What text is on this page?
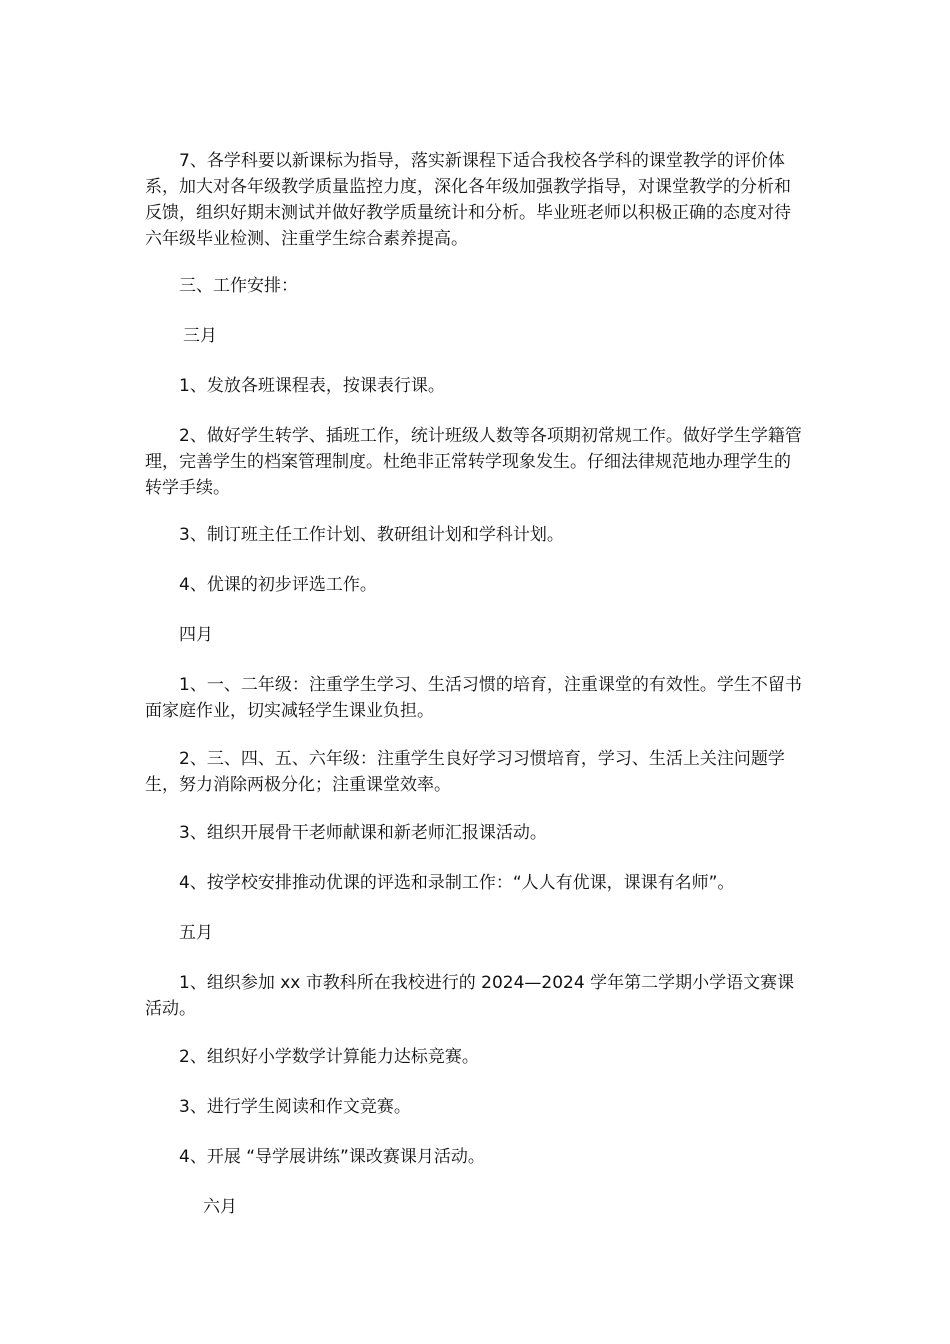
7、各学科要以新课标为指导，落实新课程下适合我校各学科的课堂教学的评价体系，加大对各年级教学质量监控力度，深化各年级加强教学指导，对课堂教学的分析和反馈，组织好期末测试并做好教学质量统计和分析。毕业班老师以积极正确的态度对待六年级毕业检测、注重学生综合素养提高。
三、工作安排：
三月
1、发放各班课程表，按课表行课。
2、做好学生转学、插班工作，统计班级人数等各项期初常规工作。做好学生学籍管理，完善学生的档案管理制度。杜绝非正常转学现象发生。仔细法律规范地办理学生的转学手续。
3、制订班主任工作计划、教研组计划和学科计划。
4、优课的初步评选工作。
四月
1、一、二年级：注重学生学习、生活习惯的培育，注重课堂的有效性。学生不留书面家庭作业，切实减轻学生课业负担。
2、三、四、五、六年级：注重学生良好学习习惯培育，学习、生活上关注问题学生，努力消除两极分化；注重课堂效率。
3、组织开展骨干老师献课和新老师汇报课活动。
4、按学校安排推动优课的评选和录制工作：“人人有优课，课课有名师”。
五月
1、组织参加 xx 市教科所在我校进行的 2024—2024 学年第二学期小学语文赛课活动。
2、组织好小学数学计算能力达标竞赛。
3、进行学生阅读和作文竞赛。
4、开展 “导学展讲练”课改赛课月活动。
六月
